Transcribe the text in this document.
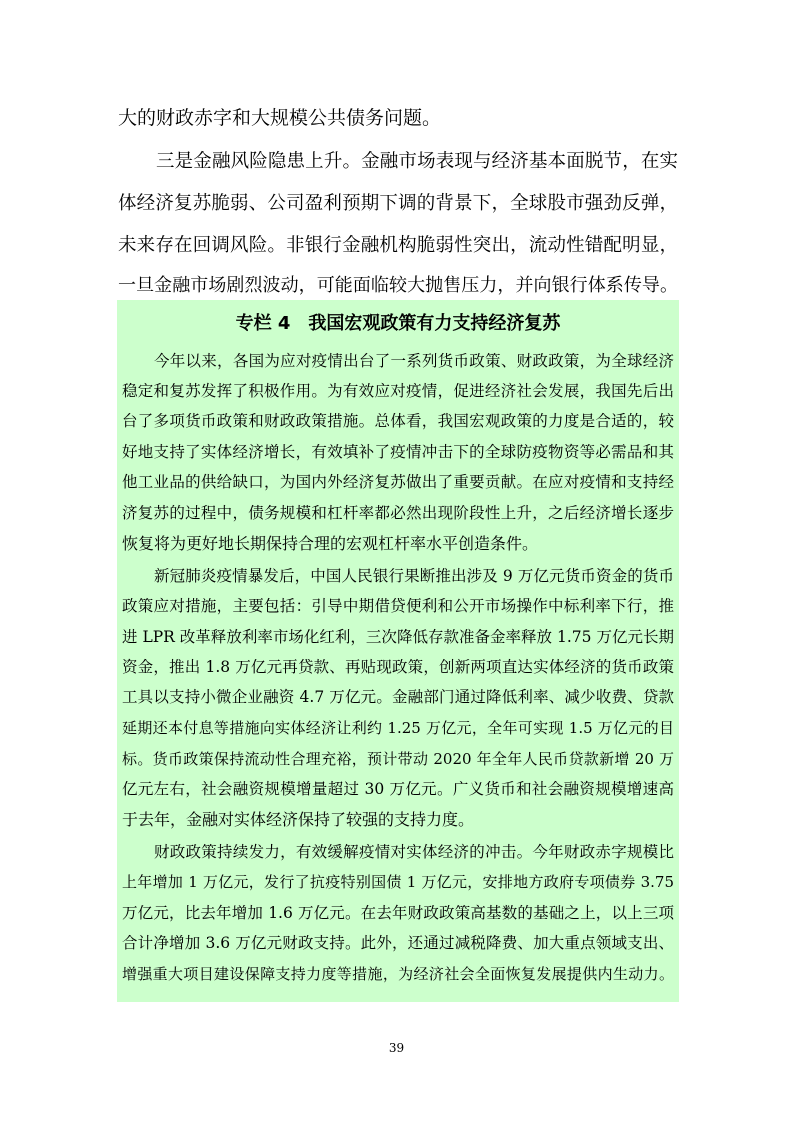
大的财政赤字和大规模公共债务问题。

三是金融风险隐患上升。金融市场表现与经济基本面脱节，在实

体经济复苏脆弱、公司盈利预期下调的背景下，全球股市强劲反弹，

未来存在回调风险。非银行金融机构脆弱性突出，流动性错配明显，

一旦金融市场剧烈波动，可能面临较大抛售压力，并向银行体系传导。

专栏 4　我国宏观政策有力支持经济复苏

今年以来，各国为应对疫情出台了一系列货币政策、财政政策，为全球经济

稳定和复苏发挥了积极作用。为有效应对疫情，促进经济社会发展，我国先后出

台了多项货币政策和财政政策措施。总体看，我国宏观政策的力度是合适的，较

好地支持了实体经济增长，有效填补了疫情冲击下的全球防疫物资等必需品和其

他工业品的供给缺口，为国内外经济复苏做出了重要贡献。在应对疫情和支持经

济复苏的过程中，债务规模和杠杆率都必然出现阶段性上升，之后经济增长逐步

恢复将为更好地长期保持合理的宏观杠杆率水平创造条件。

新冠肺炎疫情暴发后，中国人民银行果断推出涉及 9 万亿元货币资金的货币

政策应对措施，主要包括：引导中期借贷便利和公开市场操作中标利率下行，推

进 LPR 改革释放利率市场化红利，三次降低存款准备金率释放 1.75 万亿元长期

资金，推出 1.8 万亿元再贷款、再贴现政策，创新两项直达实体经济的货币政策

工具以支持小微企业融资 4.7 万亿元。金融部门通过降低利率、减少收费、贷款

延期还本付息等措施向实体经济让利约 1.25 万亿元，全年可实现 1.5 万亿元的目

标。货币政策保持流动性合理充裕，预计带动 2020 年全年人民币贷款新增 20 万

亿元左右，社会融资规模增量超过 30 万亿元。广义货币和社会融资规模增速高

于去年，金融对实体经济保持了较强的支持力度。

财政政策持续发力，有效缓解疫情对实体经济的冲击。今年财政赤字规模比

上年增加 1 万亿元，发行了抗疫特别国债 1 万亿元，安排地方政府专项债券 3.75

万亿元，比去年增加 1.6 万亿元。在去年财政政策高基数的基础之上，以上三项

合计净增加 3.6 万亿元财政支持。此外，还通过减税降费、加大重点领域支出、

增强重大项目建设保障支持力度等措施，为经济社会全面恢复发展提供内生动力。

39
